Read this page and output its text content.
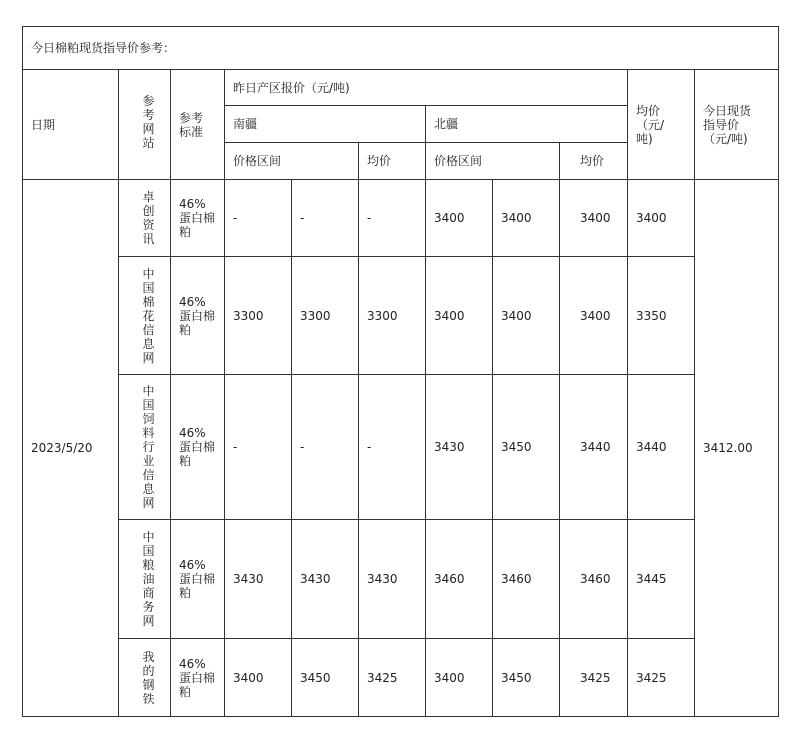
今日棉粕现货指导价参考：										
日期	参考网站	参考标准	昨日产区报价（元/吨)						均价（元/吨)	今日现货指导价（元/吨)
			南疆			北疆				
			价格区间		均价	价格区间		均价		
2023/5/20	卓创资讯	46%蛋白棉粕	-	-	-	3400	3400	3400	3400	3412.00
	中国棉花信息网	46%蛋白棉粕	3300	3300	3300	3400	3400	3400	3350	
	中国饲料行业信息网	46%蛋白棉粕	-	-	-	3430	3450	3440	3440	
	中国粮油商务网	46%蛋白棉粕	3430	3430	3430	3460	3460	3460	3445	
	我的钢铁	46%蛋白棉粕	3400	3450	3425	3400	3450	3425	3425	
